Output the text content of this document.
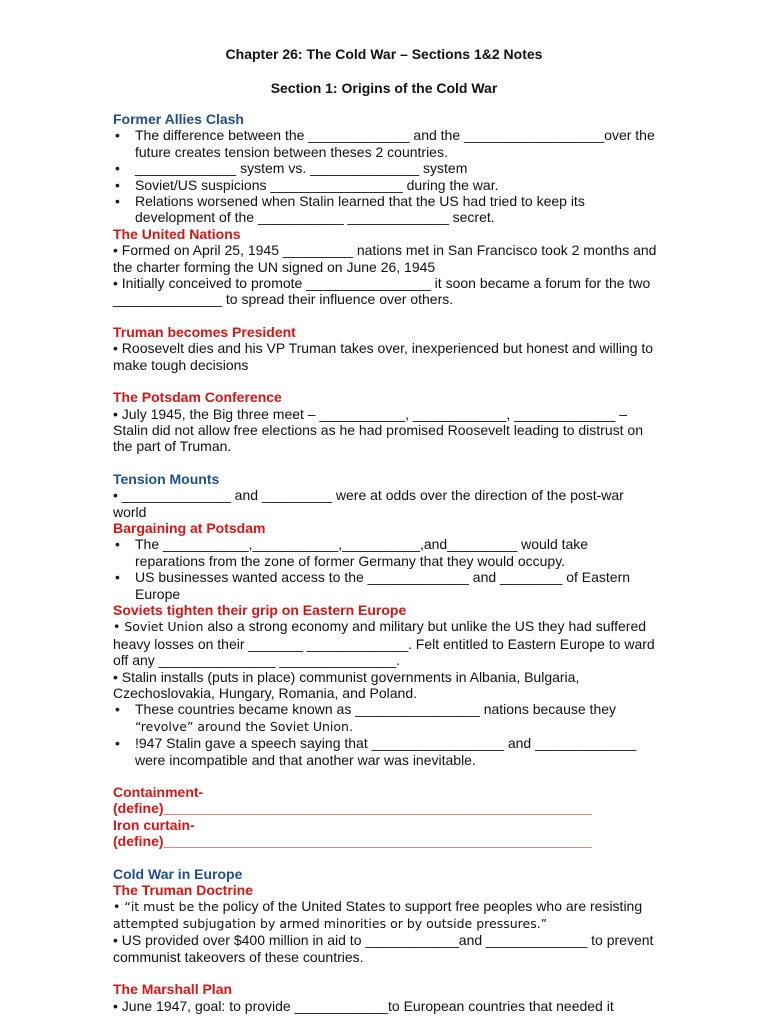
Chapter 26: The Cold War – Sections 1&2 Notes
Section 1: Origins of the Cold War
Former Allies Clash
• The difference between the _____________ and the __________________over the future creates tension between theses 2 countries.
• _____________ system vs. ______________ system
• Soviet/US suspicions _________________ during the war.
• Relations worsened when Stalin learned that the US had tried to keep its development of the ___________ _____________ secret.
The United Nations

• Formed on April 25, 1945 _________ nations met in San Francisco took 2 months and the charter forming the UN signed on June 26, 1945

• Initially conceived to promote ________________ it soon became a forum for the two ______________ to spread their influence over others.

Truman becomes President

• Roosevelt dies and his VP Truman takes over, inexperienced but honest and willing to make tough decisions

The Potsdam Conference

• July 1945, the Big three meet – ___________, ____________, _____________ – Stalin did not allow free elections as he had promised Roosevelt leading to distrust on the part of Truman.

Tension Mounts

• ______________ and _________ were at odds over the direction of the post-war world

Bargaining at Potsdam
• The ___________,___________,__________,and_________ would take reparations from the zone of former Germany that they would occupy.
• US businesses wanted access to the _____________ and ________ of Eastern Europe
Soviets tighten their grip on Eastern Europe

• Soviet Union also a strong economy and military but unlike the US they had suffered heavy losses on their _______ _____________. Felt entitled to Eastern Europe to ward off any _______________ _______________.

• Stalin installs (puts in place) communist governments in Albania, Bulgaria, Czechoslovakia, Hungary, Romania, and Poland.

• These countries became known as ________________ nations because they
“revolve” around the Soviet Union.
• !947 Stalin gave a speech saying that _________________ and _____________ were incompatible and that another war was inevitable.
Containment-(define)_______________________________________________________
Iron curtain-(define)_______________________________________________________
Cold War in Europe
The Truman Doctrine

• “it must be the policy of the United States to support free peoples who are resisting

attempted subjugation by armed minorities or by outside pressures.”

• US provided over $400 million in aid to ____________and _____________ to prevent communist takeovers of these countries.

The Marshall Plan

• June 1947, goal: to provide ____________to European countries that needed it
